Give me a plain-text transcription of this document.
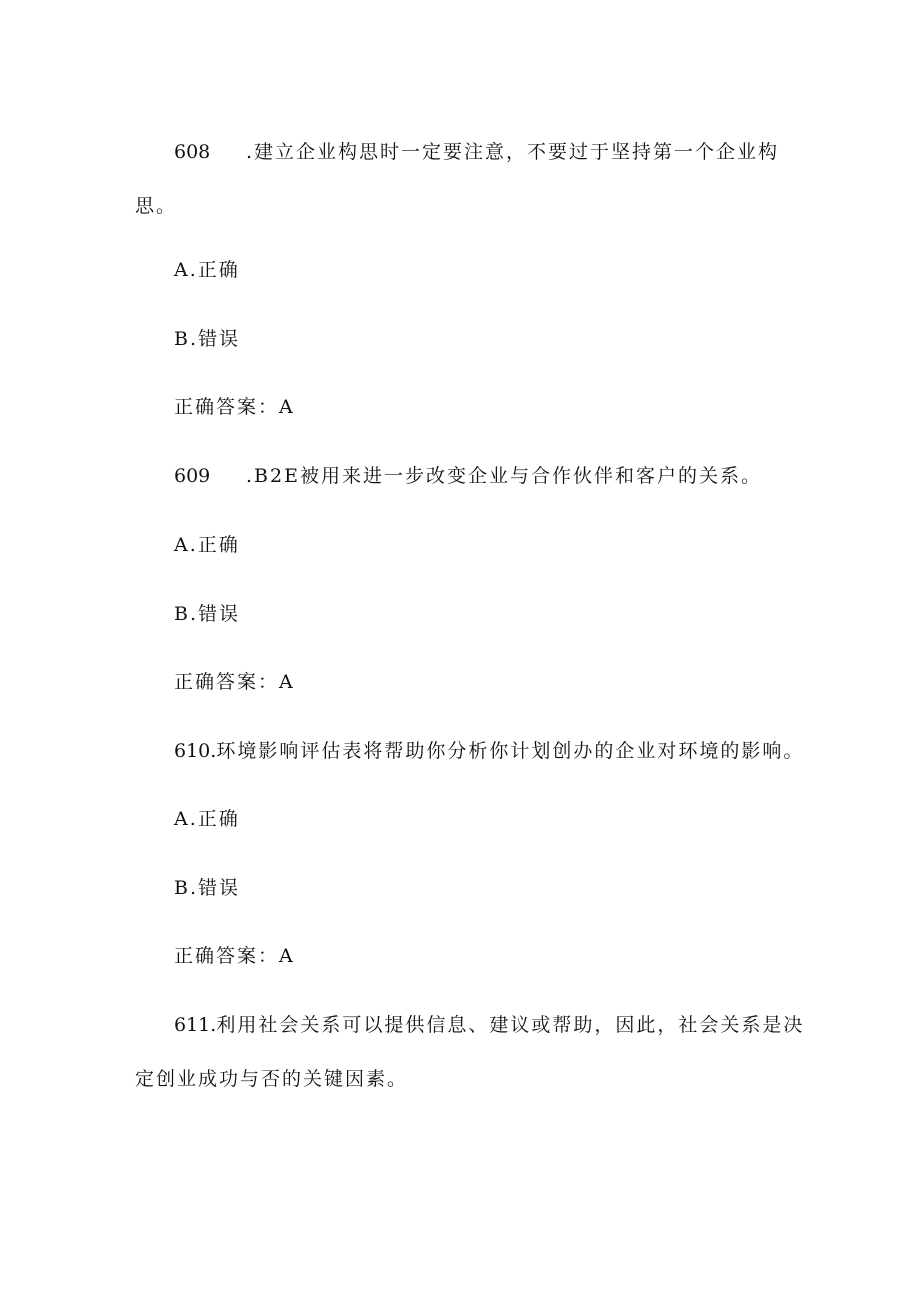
608 .建立企业构思时一定要注意，不要过于坚持第一个企业构
思。
A.正确
B.错误
正确答案：A
609 .B2E被用来进一步改变企业与合作伙伴和客户的关系。
A.正确
B.错误
正确答案：A
610.环境影响评估表将帮助你分析你计划创办的企业对环境的影响。
A.正确
B.错误
正确答案：A
611.利用社会关系可以提供信息、建议或帮助，因此，社会关系是决
定创业成功与否的关键因素。
